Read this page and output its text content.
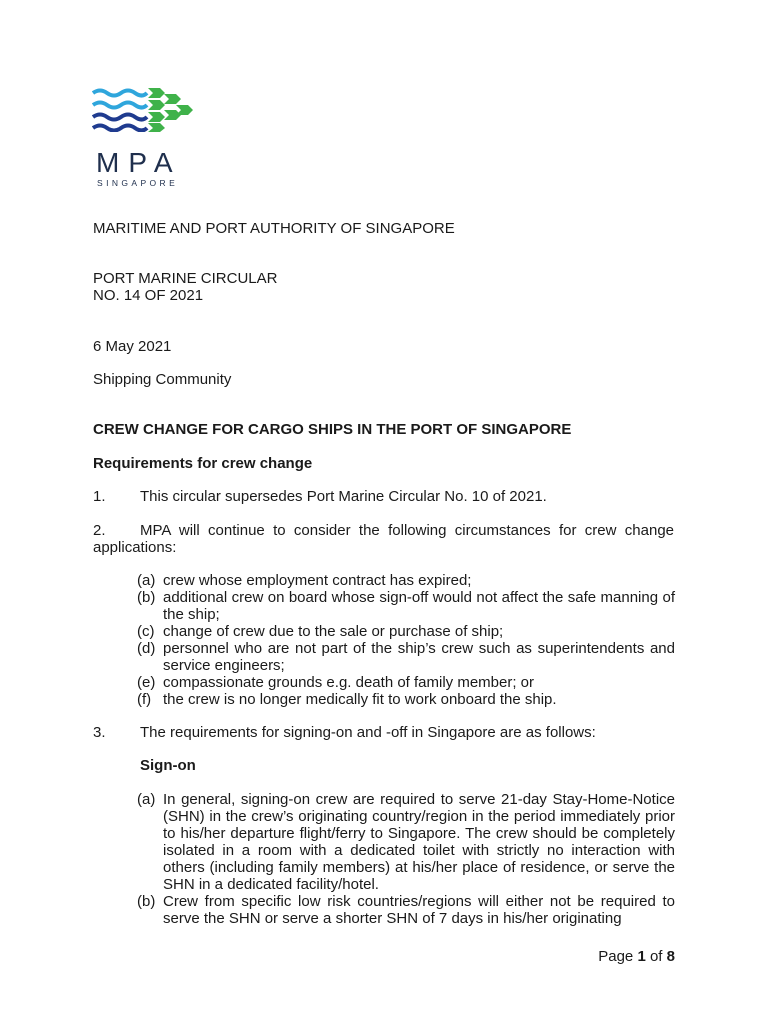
MPA
SINGAPORE

MARITIME AND PORT AUTHORITY OF SINGAPORE

PORT MARINE CIRCULAR

NO. 14 OF 2021

6 May 2021

Shipping Community

CREW CHANGE FOR CARGO SHIPS IN THE PORT OF SINGAPORE

Requirements for crew change

1. This circular supersedes Port Marine Circular No. 10 of 2021.

2.	MPA will continue to consider the following circumstances for crew change applications:

(a) crew whose employment contract has expired;
(b) additional crew on board whose sign-off would not affect the safe manning of the ship;
(c) change of crew due to the sale or purchase of ship;
(d) personnel who are not part of the ship’s crew such as superintendents and service engineers;
(e) compassionate grounds e.g. death of family member; or
(f) the crew is no longer medically fit to work onboard the ship.

3. The requirements for signing-on and -off in Singapore are as follows:

Sign-on

(a) In general, signing-on crew are required to serve 21-day Stay-Home-Notice (SHN) in the crew’s originating country/region in the period immediately prior to his/her departure flight/ferry to Singapore. The crew should be completely isolated in a room with a dedicated toilet with strictly no interaction with others (including family members) at his/her place of residence, or serve the SHN in a dedicated facility/hotel.
(b) Crew from specific low risk countries/regions will either not be required to serve the SHN or serve a shorter SHN of 7 days in his/her originating

Page 1 of 8
